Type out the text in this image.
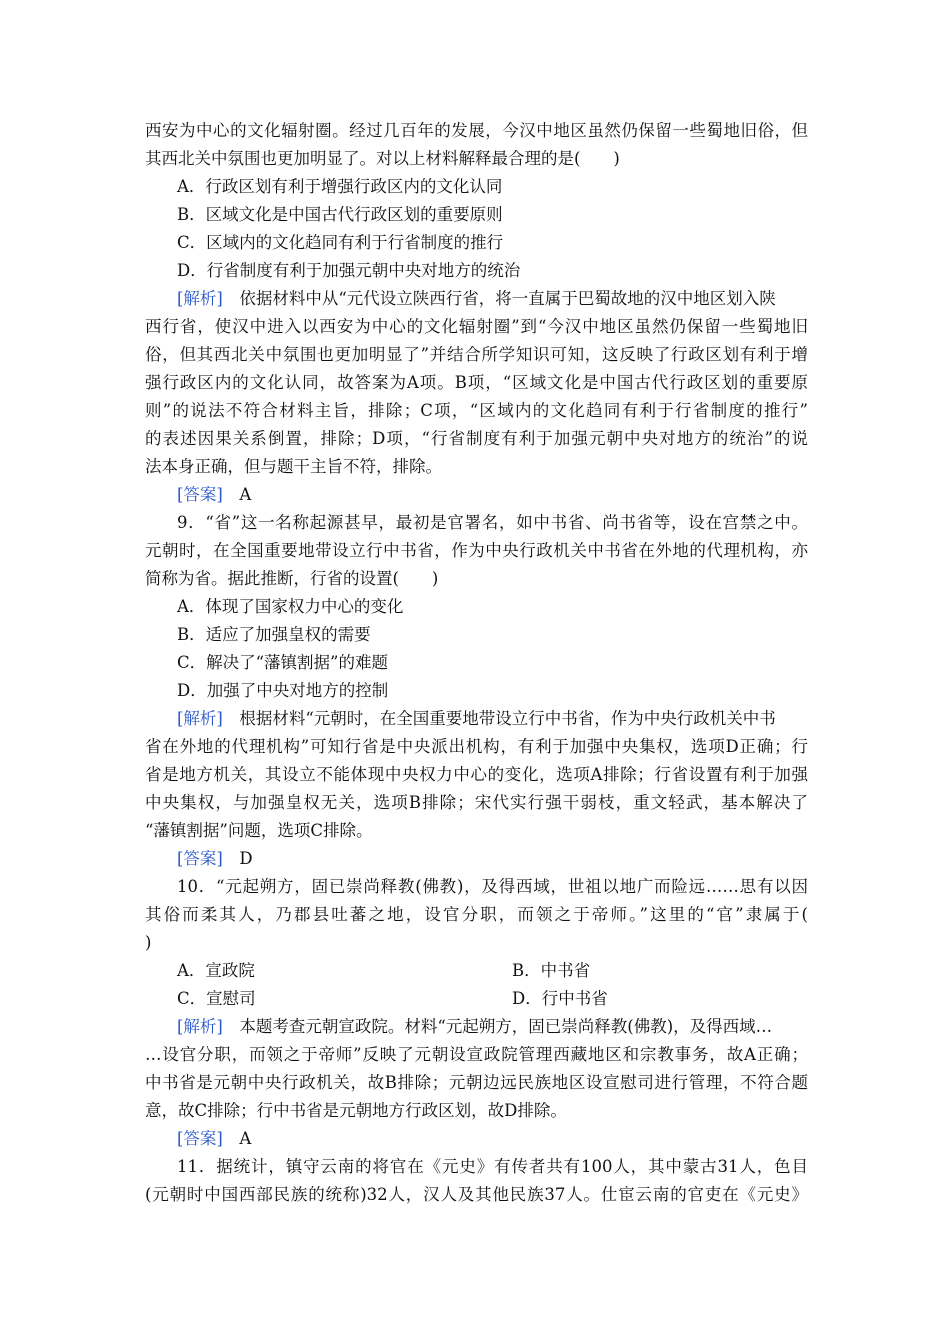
西安为中心的文化辐射圈。经过几百年的发展，今汉中地区虽然仍保留一些蜀地旧俗，但
其西北关中氛围也更加明显了。对以上材料解释最合理的是(　　)
A．行政区划有利于增强行政区内的文化认同
B．区域文化是中国古代行政区划的重要原则
C．区域内的文化趋同有利于行省制度的推行
D．行省制度有利于加强元朝中央对地方的统治
[解析]　依据材料中从“元代设立陕西行省，将一直属于巴蜀故地的汉中地区划入陕
西行省，使汉中进入以西安为中心的文化辐射圈”到“今汉中地区虽然仍保留一些蜀地旧
俗，但其西北关中氛围也更加明显了”并结合所学知识可知，这反映了行政区划有利于增
强行政区内的文化认同，故答案为A项。B项，“区域文化是中国古代行政区划的重要原
则”的说法不符合材料主旨，排除；C项，“区域内的文化趋同有利于行省制度的推行”
的表述因果关系倒置，排除；D项，“行省制度有利于加强元朝中央对地方的统治”的说
法本身正确，但与题干主旨不符，排除。
[答案]　A
9．“省”这一名称起源甚早，最初是官署名，如中书省、尚书省等，设在宫禁之中。
元朝时，在全国重要地带设立行中书省，作为中央行政机关中书省在外地的代理机构，亦
简称为省。据此推断，行省的设置(　　)
A．体现了国家权力中心的变化
B．适应了加强皇权的需要
C．解决了“藩镇割据”的难题
D．加强了中央对地方的控制
[解析]　根据材料“元朝时，在全国重要地带设立行中书省，作为中央行政机关中书
省在外地的代理机构”可知行省是中央派出机构，有利于加强中央集权，选项D正确；行
省是地方机关，其设立不能体现中央权力中心的变化，选项A排除；行省设置有利于加强
中央集权，与加强皇权无关，选项B排除；宋代实行强干弱枝，重文轻武，基本解决了
“藩镇割据”问题，选项C排除。
[答案]　D
10．“元起朔方，固已崇尚释教(佛教)，及得西域，世祖以地广而险远……思有以因
其俗而柔其人，乃郡县吐蕃之地，设官分职，而领之于帝师。”这里的“官”隶属于(
)
A．宣政院	B．中书省
C．宣慰司	D．行中书省
[解析]　本题考查元朝宣政院。材料“元起朔方，固已崇尚释教(佛教)，及得西域…
…设官分职，而领之于帝师”反映了元朝设宣政院管理西藏地区和宗教事务，故A正确；
中书省是元朝中央行政机关，故B排除；元朝边远民族地区设宣慰司进行管理，不符合题
意，故C排除；行中书省是元朝地方行政区划，故D排除。
[答案]　A
11．据统计，镇守云南的将官在《元史》有传者共有100人，其中蒙古31人，色目
(元朝时中国西部民族的统称)32人，汉人及其他民族37人。仕宦云南的官吏在《元史》
